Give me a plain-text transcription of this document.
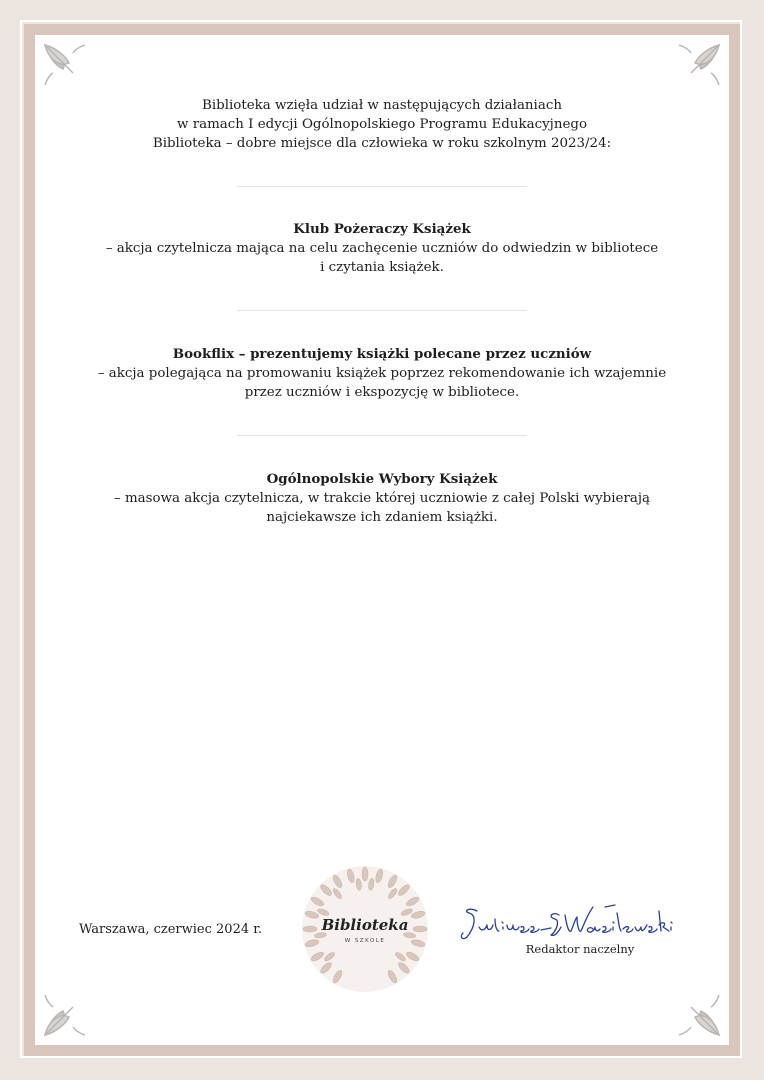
Biblioteka wzięła udział w następujących działaniach
w ramach I edycji Ogólnopolskiego Programu Edukacyjnego
Biblioteka – dobre miejsce dla człowieka w roku szkolnym 2023/24:
Klub Pożeraczy Książek
– akcja czytelnicza mająca na celu zachęcenie uczniów do odwiedzin w bibliotece
i czytania książek.
Bookflix – prezentujemy książki polecane przez uczniów
– akcja polegająca na promowaniu książek poprzez rekomendowanie ich wzajemnie
przez uczniów i ekspozycję w bibliotece.
Ogólnopolskie Wybory Książek
– masowa akcja czytelnicza, w trakcie której uczniowie z całej Polski wybierają
najciekawsze ich zdaniem książki.
Warszawa, czerwiec 2024 r.	Biblioteka
W SZKOLE
Redaktor naczelny
